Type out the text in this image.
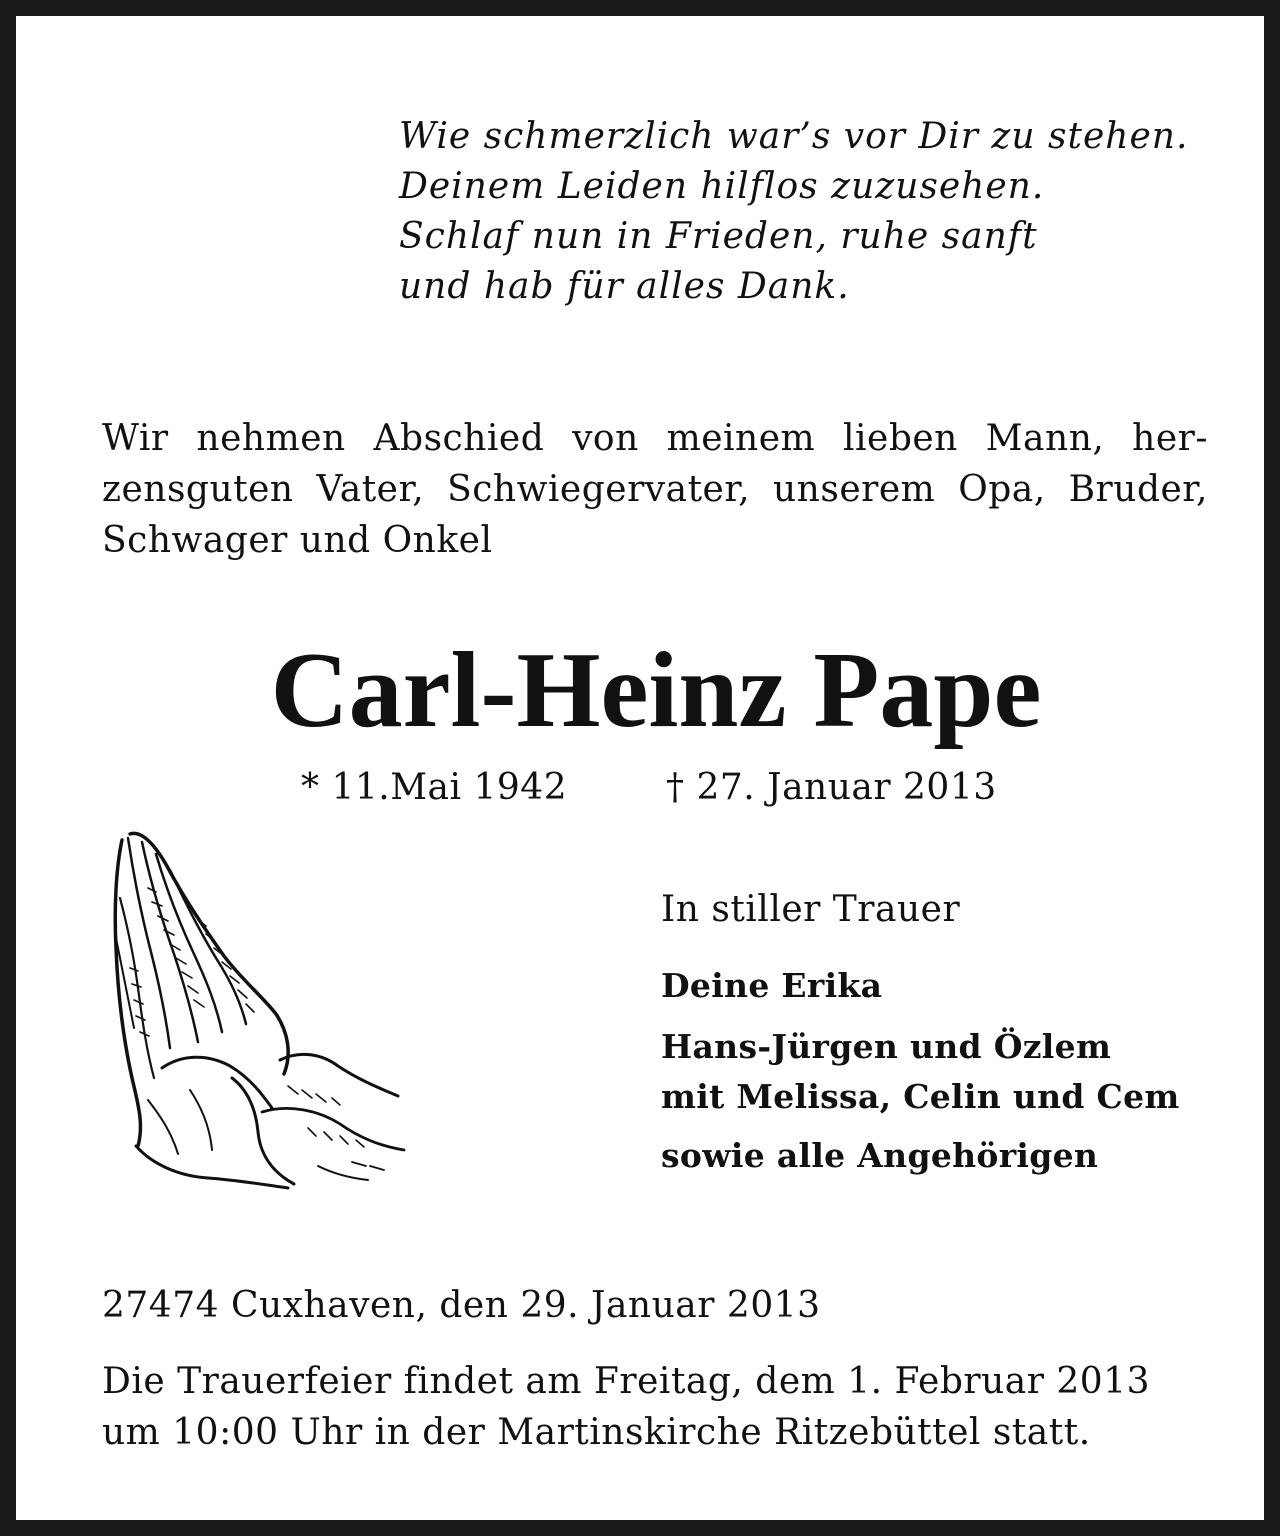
Wie schmerzlich war’s vor Dir zu stehen.
Deinem Leiden hilflos zuzusehen.
Schlaf nun in Frieden, ruhe sanft
und hab für alles Dank.

Wir nehmen Abschied von meinem lieben Mann, her-
zensguten Vater, Schwiegervater, unserem Opa, Bruder,
Schwager und Onkel

Carl-Heinz Pape
* 11.Mai 1942	† 27. Januar 2013

In stiller Trauer

Deine Erika

Hans-Jürgen und Özlem

mit Melissa, Celin und Cem

sowie alle Angehörigen

27474 Cuxhaven, den 29. Januar 2013

Die Trauerfeier findet am Freitag, dem 1. Februar 2013
um 10:00 Uhr in der Martinskirche Ritzebüttel statt.
